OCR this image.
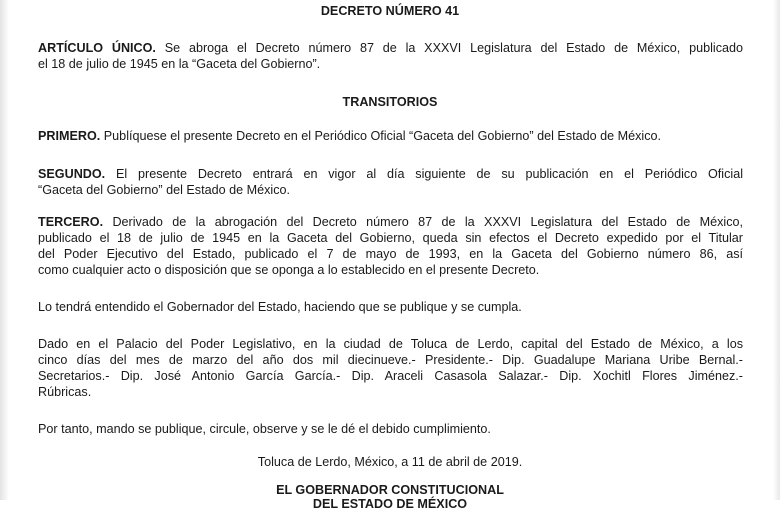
DECRETO NÚMERO 41
ARTÍCULO ÚNICO. Se abroga el Decreto número 87 de la XXXVI Legislatura del Estado de México, publicado
el 18 de julio de 1945 en la “Gaceta del Gobierno”.
TRANSITORIOS
PRIMERO. Publíquese el presente Decreto en el Periódico Oficial “Gaceta del Gobierno” del Estado de México.
SEGUNDO. El presente Decreto entrará en vigor al día siguiente de su publicación en el Periódico Oficial
“Gaceta del Gobierno” del Estado de México.
TERCERO. Derivado de la abrogación del Decreto número 87 de la XXXVI Legislatura del Estado de México,
publicado el 18 de julio de 1945 en la Gaceta del Gobierno, queda sin efectos el Decreto expedido por el Titular
del Poder Ejecutivo del Estado, publicado el 7 de mayo de 1993, en la Gaceta del Gobierno número 86, así
como cualquier acto o disposición que se oponga a lo establecido en el presente Decreto.
Lo tendrá entendido el Gobernador del Estado, haciendo que se publique y se cumpla.
Dado en el Palacio del Poder Legislativo, en la ciudad de Toluca de Lerdo, capital del Estado de México, a los
cinco días del mes de marzo del año dos mil diecinueve.- Presidente.- Dip. Guadalupe Mariana Uribe Bernal.-
Secretarios.- Dip. José Antonio García García.- Dip. Araceli Casasola Salazar.- Dip. Xochitl Flores Jiménez.-
Rúbricas.
Por tanto, mando se publique, circule, observe y se le dé el debido cumplimiento.
Toluca de Lerdo, México, a 11 de abril de 2019.
EL GOBERNADOR CONSTITUCIONAL
DEL ESTADO DE MÉXICO
